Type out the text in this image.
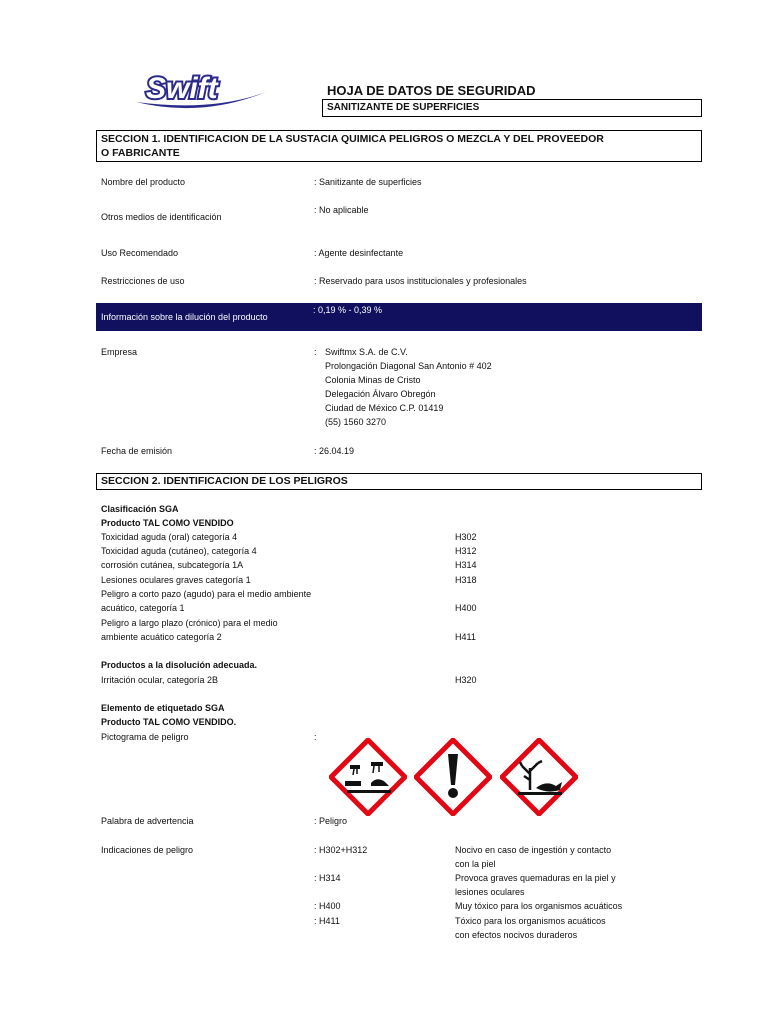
Swift	HOJA DE DATOS DE SEGURIDAD
SANITIZANTE DE SUPERFICIES
SECCION 1. IDENTIFICACION DE LA SUSTACIA QUIMICA PELIGROS O MEZCLA Y DEL PROVEEDOR
O FABRICANTE
Nombre del producto	: Sanitizante de superficies
Otros medios de identificación
: No aplicable
Uso Recomendado	: Agente desinfectante
Restricciones de uso	: Reservado para usos institucionales y profesionales
Información sobre la dilución del producto
: 0,19 % - 0,39 %
Empresa	: Swiftmx S.A. de C.V.
Prolongación Diagonal San Antonio # 402
Colonia Minas de Cristo
Delegación Álvaro Obregón
Ciudad de México C.P. 01419
(55) 1560 3270
Fecha de emisión	: 26.04.19
SECCION 2. IDENTIFICACION DE LOS PELIGROS
Clasificación SGA
Producto TAL COMO VENDIDO
Toxicidad aguda (oral) categoría 4	H302
Toxicidad aguda (cutáneo), categoría 4	H312
corrosión cutánea, subcategoría 1A	H314
Lesiones oculares graves categoría 1	H318
Peligro a corto pazo (agudo) para el medio ambiente
acuático, categoría 1	H400
Peligro a largo plazo (crónico) para el medio
ambiente acuático categoría 2	H411
Productos a la disolución adecuada.
Irritación ocular, categoría 2B	H320
Elemento de etiquetado SGA
Producto TAL COMO VENDIDO.
Pictograma de peligro	:
Palabra de advertencia	: Peligro
Indicaciones de peligro	: H302+H312	Nocivo en caso de ingestión y contacto
con la piel
: H314	Provoca graves quemaduras en la piel y
lesiones oculares
: H400	Muy tóxico para los organismos acuáticos
: H411	Tóxico para los organismos acuáticos
con efectos nocivos duraderos
